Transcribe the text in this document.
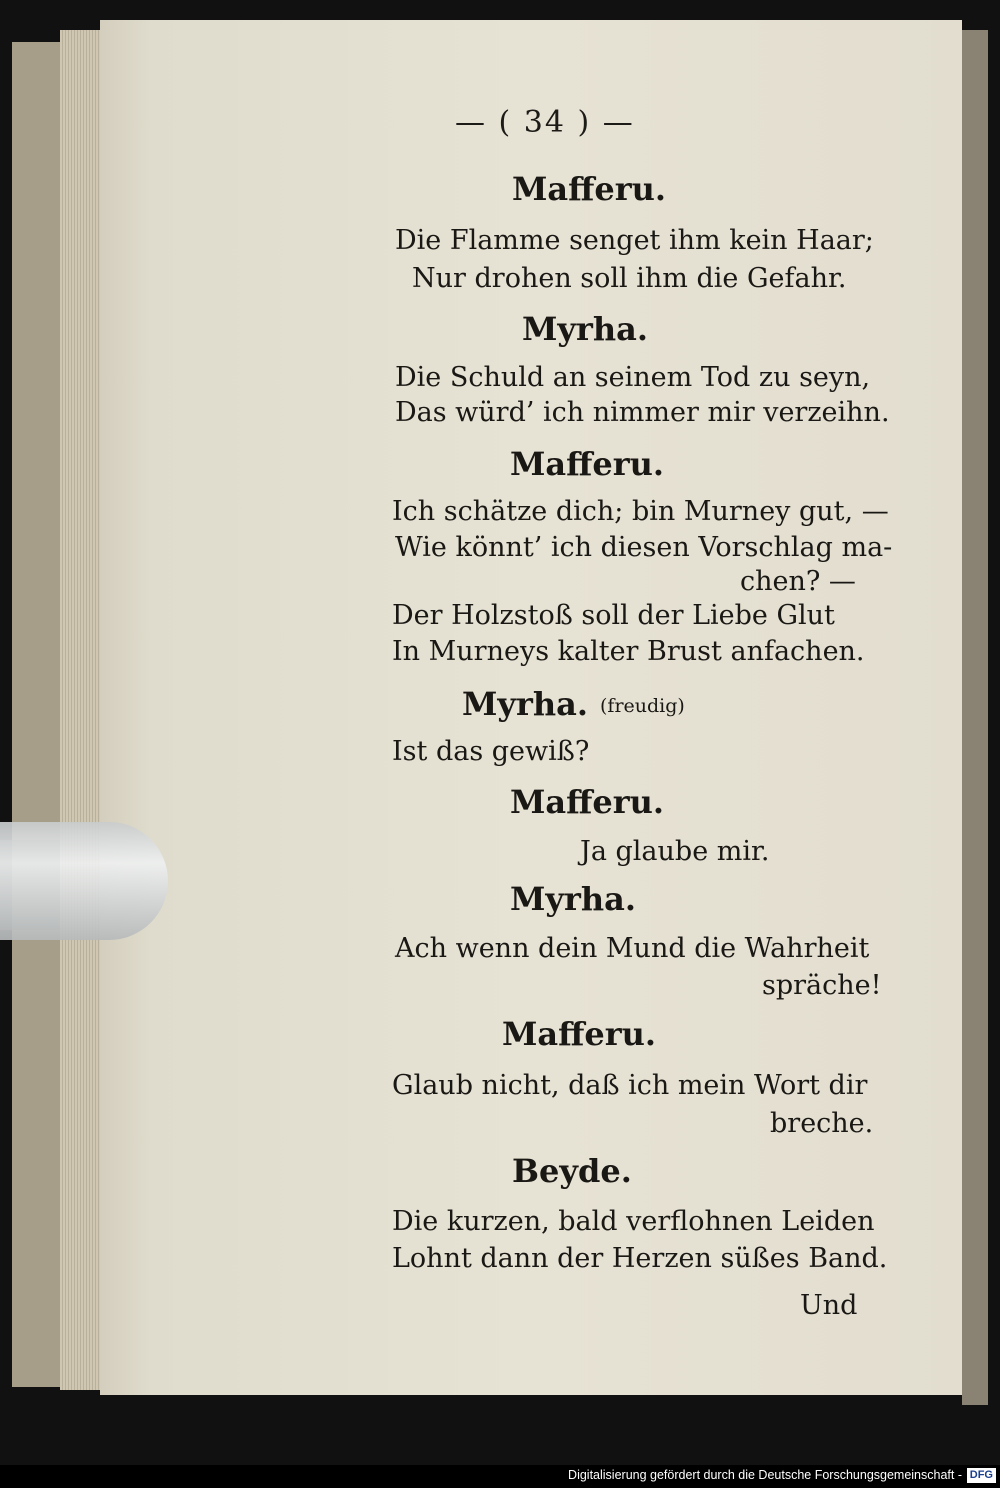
— ( 34 ) —
Mafferu.
Die Flamme senget ihm kein Haar;
Nur drohen soll ihm die Gefahr.
Myrha.
Die Schuld an seinem Tod zu seyn,
Das würd’ ich nimmer mir verzeihn.
Mafferu.
Ich schätze dich; bin Murney gut, —
Wie könnt’ ich diesen Vorschlag ma-
chen? —
Der Holzstoß soll der Liebe Glut
In Murneys kalter Brust anfachen.
Myrha. (freudig)
Ist das gewiß?
Mafferu.
Ja glaube mir.
Myrha.
Ach wenn dein Mund die Wahrheit
spräche!
Mafferu.
Glaub nicht, daß ich mein Wort dir
breche.
Beyde.
Die kurzen, bald verflohnen Leiden
Lohnt dann der Herzen süßes Band.
Und
Digitalisierung gefördert durch die Deutsche Forschungsgemeinschaft - DFG
